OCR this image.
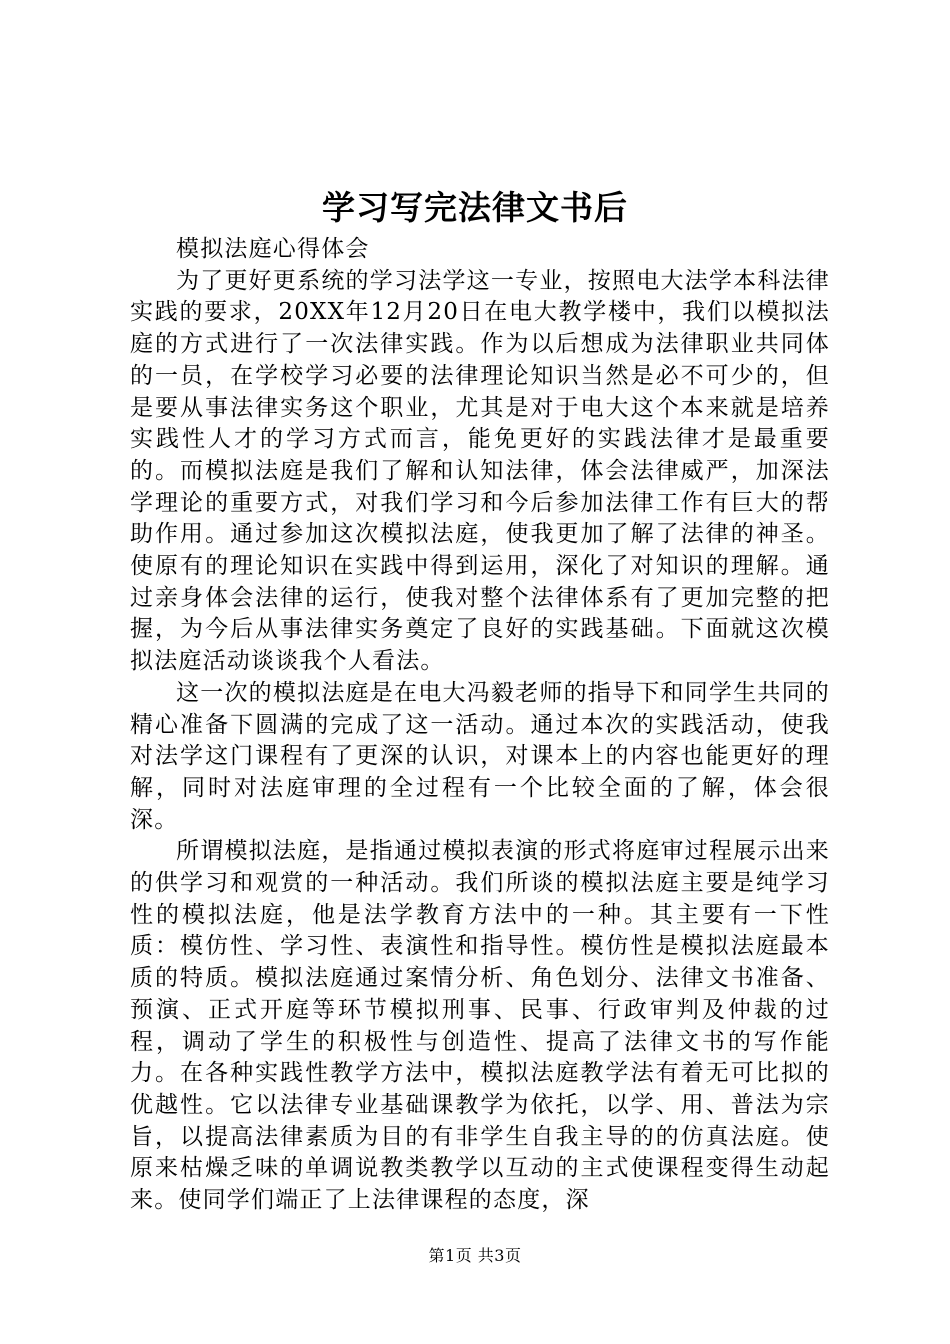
学习写完法律文书后

模拟法庭心得体会

为了更好更系统的学习法学这一专业，按照电大法学本科法律实践的要求，20XX年12月20日在电大教学楼中，我们以模拟法庭的方式进行了一次法律实践。作为以后想成为法律职业共同体的一员，在学校学习必要的法律理论知识当然是必不可少的，但是要从事法律实务这个职业，尤其是对于电大这个本来就是培养实践性人才的学习方式而言，能免更好的实践法律才是最重要的。而模拟法庭是我们了解和认知法律，体会法律威严，加深法学理论的重要方式，对我们学习和今后参加法律工作有巨大的帮助作用。通过参加这次模拟法庭，使我更加了解了法律的神圣。使原有的理论知识在实践中得到运用，深化了对知识的理解。通过亲身体会法律的运行，使我对整个法律体系有了更加完整的把握，为今后从事法律实务奠定了良好的实践基础。下面就这次模拟法庭活动谈谈我个人看法。

这一次的模拟法庭是在电大冯毅老师的指导下和同学生共同的精心准备下圆满的完成了这一活动。通过本次的实践活动，使我对法学这门课程有了更深的认识，对课本上的内容也能更好的理解，同时对法庭审理的全过程有一个比较全面的了解，体会很深。

所谓模拟法庭，是指通过模拟表演的形式将庭审过程展示出来的供学习和观赏的一种活动。我们所谈的模拟法庭主要是纯学习性的模拟法庭，他是法学教育方法中的一种。其主要有一下性质：模仿性、学习性、表演性和指导性。模仿性是模拟法庭最本质的特质。模拟法庭通过案情分析、角色划分、法律文书准备、预演、正式开庭等环节模拟刑事、民事、行政审判及仲裁的过程，调动了学生的积极性与创造性、提高了法律文书的写作能力。在各种实践性教学方法中，模拟法庭教学法有着无可比拟的优越性。它以法律专业基础课教学为依托，以学、用、普法为宗旨，以提高法律素质为目的有非学生自我主导的的仿真法庭。使原来枯燥乏味的单调说教类教学以互动的主式使课程变得生动起来。使同学们端正了上法律课程的态度，深

第1页 共3页
